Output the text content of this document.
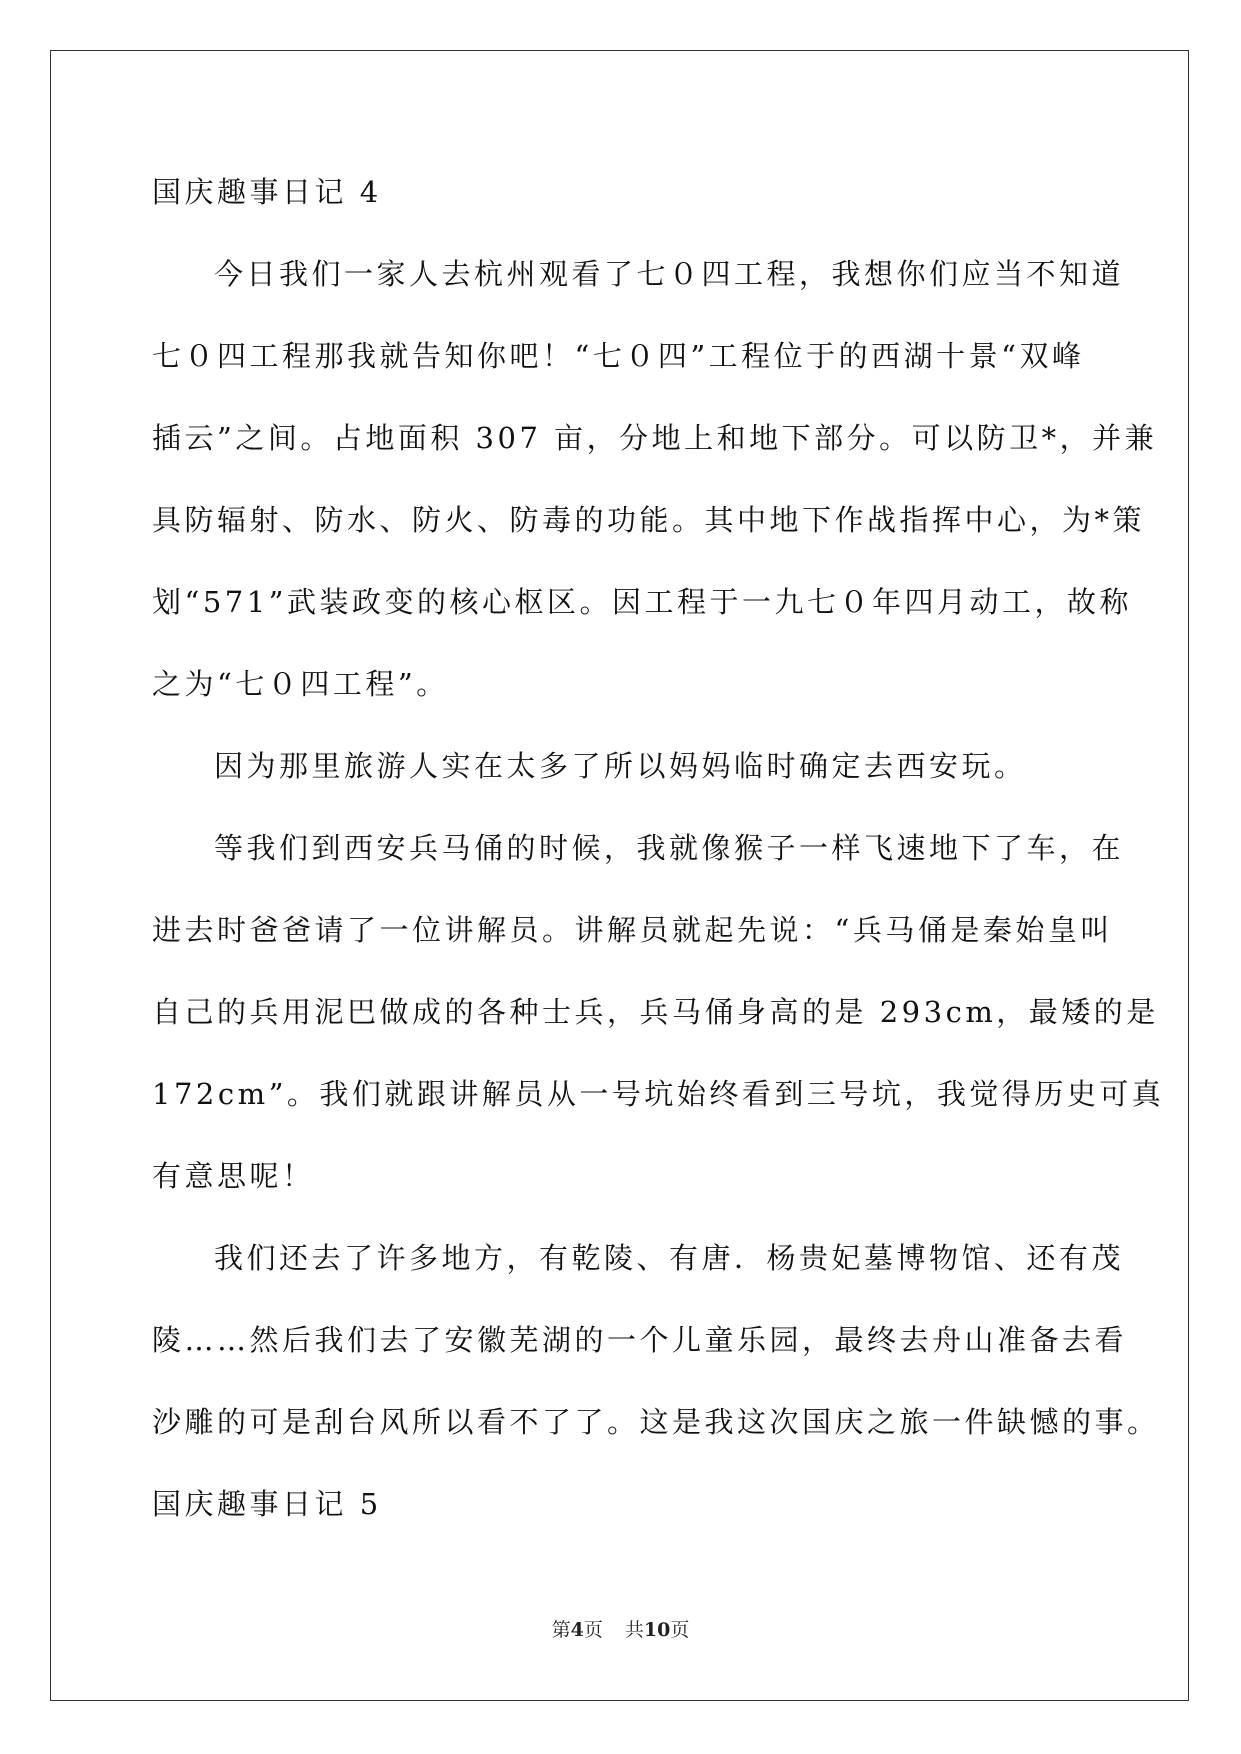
国庆趣事日记 4
今日我们一家人去杭州观看了七０四工程，我想你们应当不知道
七０四工程那我就告知你吧！“七０四”工程位于的西湖十景“双峰
插云”之间。占地面积 307 亩，分地上和地下部分。可以防卫*，并兼
具防辐射、防水、防火、防毒的功能。其中地下作战指挥中心，为*策
划“571”武装政变的核心枢区。因工程于一九七０年四月动工，故称
之为“七０四工程”。
因为那里旅游人实在太多了所以妈妈临时确定去西安玩。
等我们到西安兵马俑的时候，我就像猴子一样飞速地下了车，在
进去时爸爸请了一位讲解员。讲解员就起先说：“兵马俑是秦始皇叫
自己的兵用泥巴做成的各种士兵，兵马俑身高的是 293cm，最矮的是
172cm”。我们就跟讲解员从一号坑始终看到三号坑，我觉得历史可真
有意思呢！
我们还去了许多地方，有乾陵、有唐．杨贵妃墓博物馆、还有茂
陵……然后我们去了安徽芜湖的一个儿童乐园，最终去舟山准备去看
沙雕的可是刮台风所以看不了了。这是我这次国庆之旅一件缺憾的事。
国庆趣事日记 5
第4页 共10页
